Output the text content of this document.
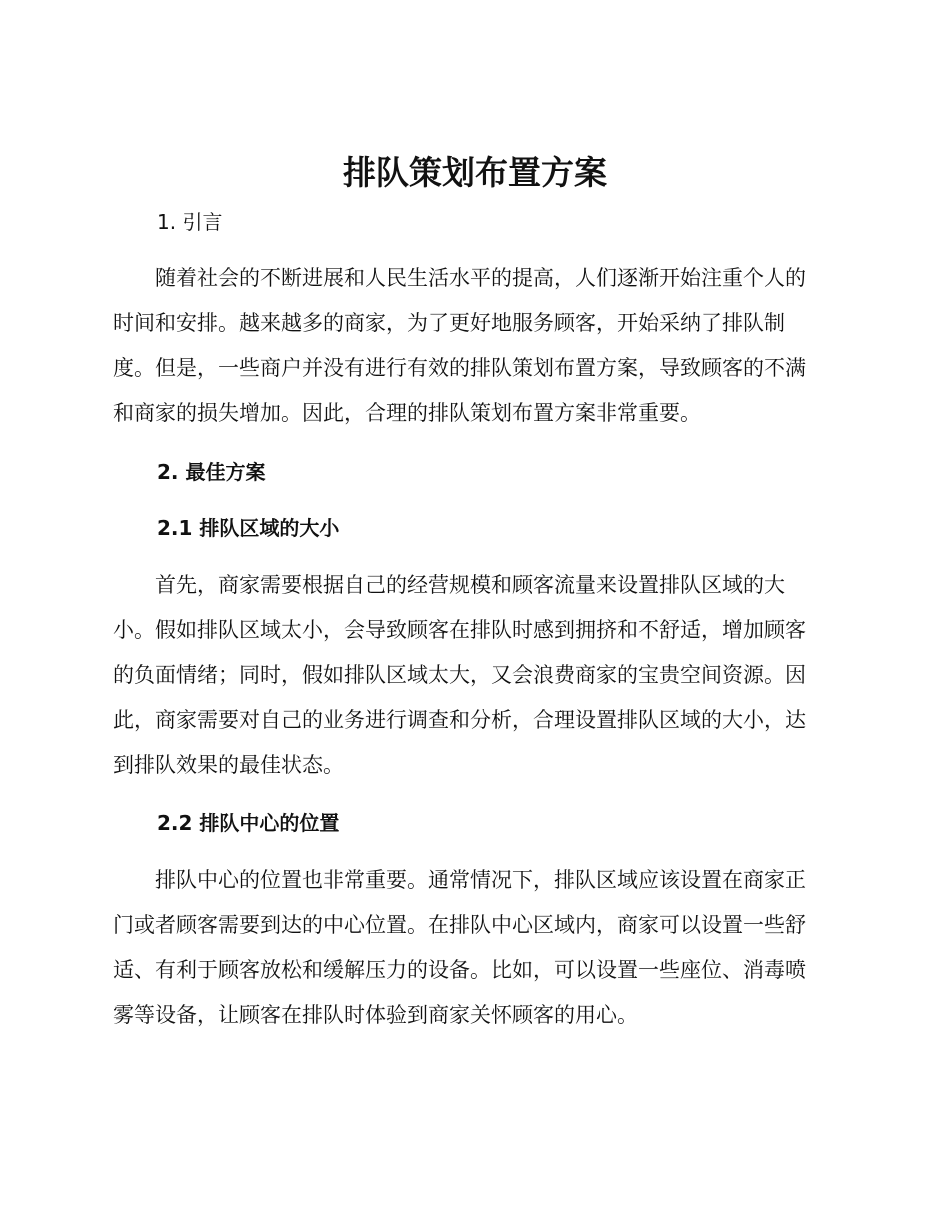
排队策划布置方案
1. 引言
　　随着社会的不断进展和人民生活水平的提高，人们逐渐开始注重个人的
时间和安排。越来越多的商家，为了更好地服务顾客，开始采纳了排队制
度。但是，一些商户并没有进行有效的排队策划布置方案，导致顾客的不满
和商家的损失增加。因此，合理的排队策划布置方案非常重要。
2. 最佳方案
2.1 排队区域的大小
　　首先，商家需要根据自己的经营规模和顾客流量来设置排队区域的大
小。假如排队区域太小，会导致顾客在排队时感到拥挤和不舒适，增加顾客
的负面情绪；同时，假如排队区域太大，又会浪费商家的宝贵空间资源。因
此，商家需要对自己的业务进行调查和分析，合理设置排队区域的大小，达
到排队效果的最佳状态。
2.2 排队中心的位置
　　排队中心的位置也非常重要。通常情况下，排队区域应该设置在商家正
门或者顾客需要到达的中心位置。在排队中心区域内，商家可以设置一些舒
适、有利于顾客放松和缓解压力的设备。比如，可以设置一些座位、消毒喷
雾等设备，让顾客在排队时体验到商家关怀顾客的用心。
